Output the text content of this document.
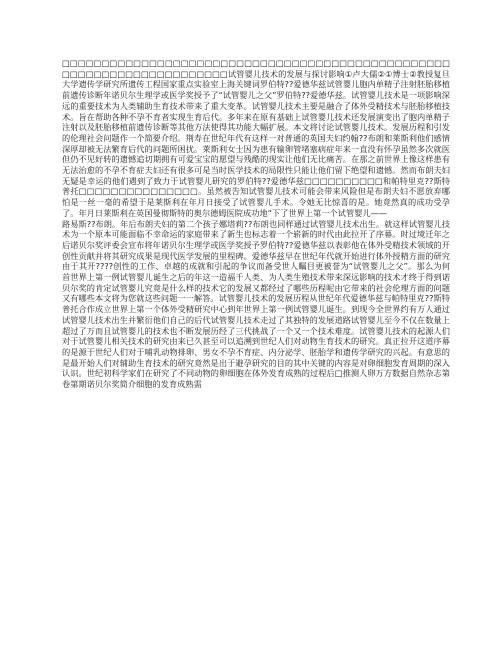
□□□□□□□□□□□□□□□□□□□□□□□□□□□□□□□□□□□□□□□□□□□□□□□□□□□□□□□□□□□□□□□□□□□□□□试管婴儿技术的发展与探讨影响①卢大儒②①博士②教授复旦大学遗传学研究所遗传工程国家重点实验室上海关键词罗伯特??爱德华兹试管婴儿胞内单精子注射胚胎移植前遗传诊断年诺贝尔生理学或医学奖授予了“试管婴儿之父”罗伯特??爱德华兹。试管婴儿技术是一项影响深远的重要技术为人类辅助生育技术带来了重大变革。试管婴儿技术主要是融合了体外受精技术与胚胎移植技术。旨在帮助各种不孕不育者实现生育后代。多年来在原有基础上试管婴儿技术还发展演变出了胞内单精子注射以及胚胎移植前遗传诊断等其他方法使得其功能大幅扩展。本文将讨论试管婴儿技术。发展历程和引发的伦理社会问题作一个简要介绍。荆寿在世纪年代有这样一对普通的英国夫妇约翰??布朗和莱斯利他们感情深厚却被无法繁育后代的问题所困扰。莱斯利女士因为患有输卵管堵塞病症年来一直没有怀孕虽然多次就医但仍不见好转的遗憾追切期拥有可爱宝宝的愿望与残酷的现实让他们无比痛苦。在那之前世界上像这样患有无法治愈的不孕不育症夫妇还有很多可是当时医学技术的局限性只能让他们留下绝望和遗憾。然而布朗夫妇无疑是幸运的他们遇到了致力于试管婴儿研究的罗伯特??爱德华兹□□□□□□□□□□和帕特里克??斯特普托□□□□□□□□□□□□□□□。虽然被告知试管婴儿技术可能会带来风险但是布朗夫妇不愿放弃哪怕是一丝一毫的希望于是莱斯利在年月日接受了试管婴儿手术。令她无比惊喜的是。她竟然真的成功受孕了。年月日莱斯利在英国曼彻斯特的奥尔德姆医院成功地“下了世界上第一个试管婴儿——

路易斯??布朗。年后布朗夫妇的第二个孩子娜塔莉??布朗也同样通过试管婴儿技术出生。就这样试管婴儿技术为一个原本可能面临不幸命运的家庭带来了新生也标志着一个崭新的时代由此拉开了序幕。时过境迁年之后诺贝尔奖评委会宣布将年诺贝尔生理学或医学奖授予罗伯特??爱德华兹以表彰他在体外受精技术领域的开创性贡献并将其研究成果是现代医学发展的里程碑。爱德华兹早在世纪年代就开始进行体外授精方面的研究由于其开????创性的工作、卓越的成就和引起的争议而备受世人瞩目更被誉为“试管婴儿之父”。那么为何首世界上第一例试管婴儿诞生之后的年这一造福千人类、为人类生殖技术带来深远影响的技术才终于得到诺贝尔奖的肯定试管婴儿究竟是什么样的技术它的发展又都经过了哪些历程呢由它带来的社会伦理方面的问题又有哪些本文将为您就这些问题一一解答。试管婴儿技术的发展历程从世纪年代爱德华兹与帕特里克??斯特普托合作成立世界上第一个体外受精研究中心到年世界上第一例试管婴儿诞生。到现今全世界约有万人通过试管婴儿技术出生并繁衍他们自己的后代试管婴儿技术走过了其独特的发展道路试管婴儿至今不仅在数量上超过了万而且试管婴儿的技术也不断发展历经了三代挑战了一个又一个技术难度。试管婴儿技术的起源人们对于试管婴儿相关技术的研究由来已久甚至可以追溯到世纪人们对动物生育技术的研究。真正拉开这道序幕的是源于世纪人们对于哺乳动物排卵、男女不孕不育症、内分泌学、胚胎学和遗传学研究的兴起。有意思的是最开始人们对辅助生育技术的研究竟然是出于避孕研究的目的其中关键的内容是对卵细胞发育周期的深入认识。世纪初科学家们在研究了不同动物的卵细胞在体外发育成熟的过程后□推测人卵万方数据自然杂志第卷第期诺贝尔奖简介细胞的发育成熟需
